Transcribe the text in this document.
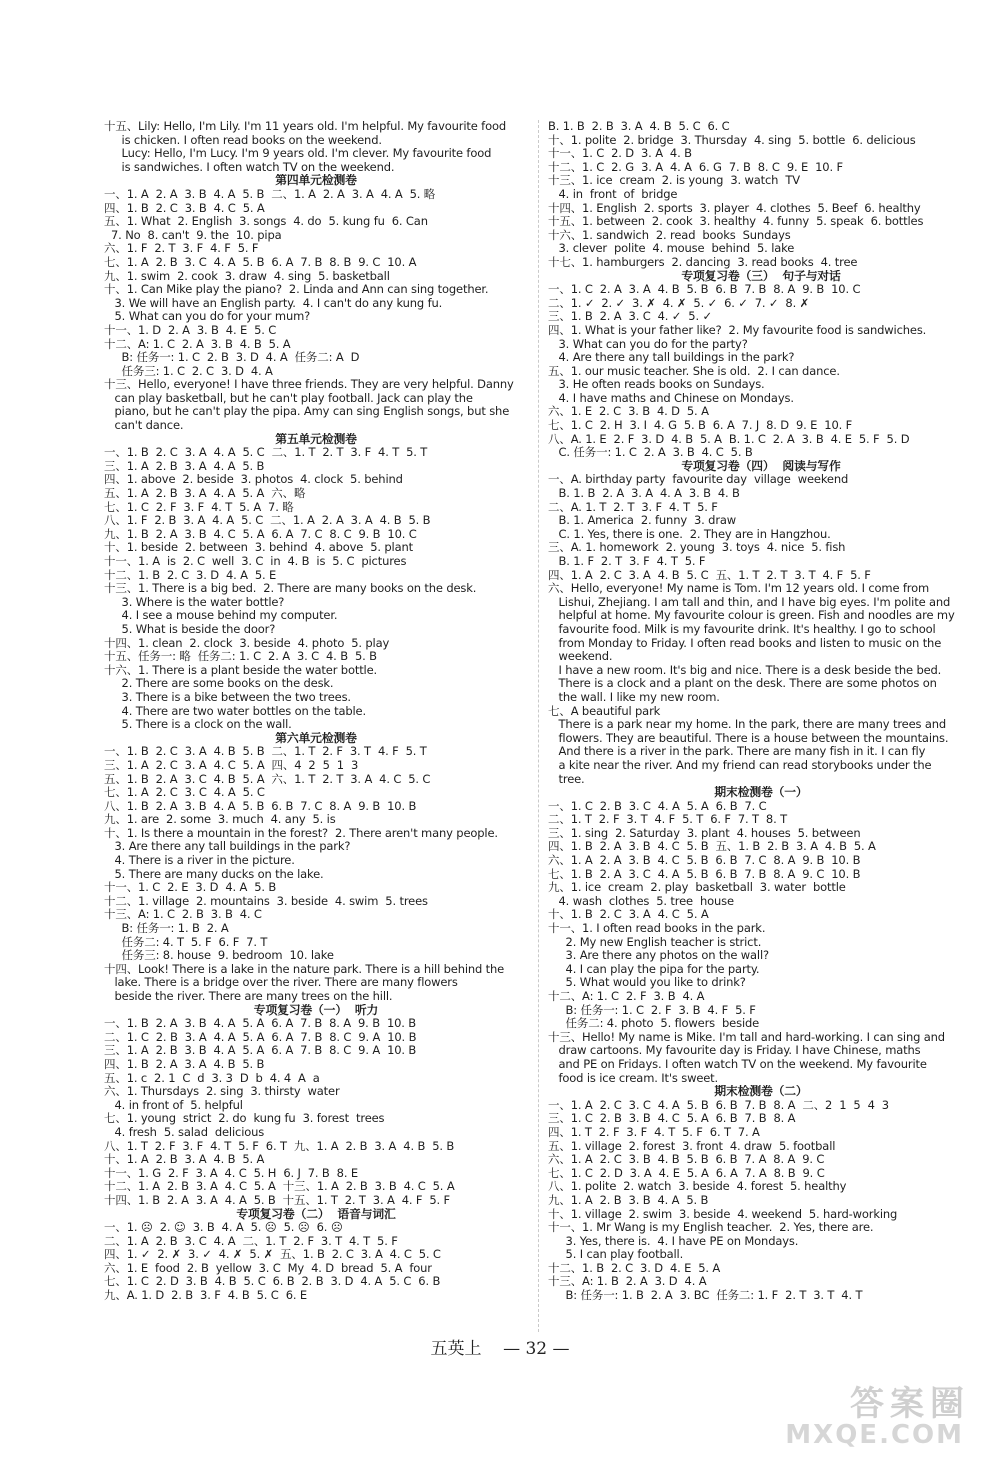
十五、Lily: Hello, I'm Lily. I'm 11 years old. I'm helpful. My favourite food
is chicken. I often read books on the weekend.
Lucy: Hello, I'm Lucy. I'm 9 years old. I'm clever. My favourite food
is sandwiches. I often watch TV on the weekend.
第四单元检测卷
一、1. A  2. A  3. B  4. A  5. B  二、1. A  2. A  3. A  4. A  5. 略
四、1. B  2. C  3. B  4. C  5. A
五、1. What  2. English  3. songs  4. do  5. kung fu  6. Can
7. No  8. can't  9. the  10. pipa
六、1. F  2. T  3. F  4. F  5. F
七、1. A  2. B  3. C  4. A  5. B  6. A  7. B  8. B  9. C  10. A
九、1. swim  2. cook  3. draw  4. sing  5. basketball
十、1. Can Mike play the piano?  2. Linda and Ann can sing together.
3. We will have an English party.  4. I can't do any kung fu.
5. What can you do for your mum?
十一、1. D  2. A  3. B  4. E  5. C
十二、A: 1. C  2. A  3. B  4. B  5. A
B: 任务一: 1. C  2. B  3. D  4. A  任务二: A  D
任务三: 1. C  2. C  3. D  4. A
十三、Hello, everyone! I have three friends. They are very helpful. Danny
can play basketball, but he can't play football. Jack can play the
piano, but he can't play the pipa. Amy can sing English songs, but she
can't dance.
第五单元检测卷
一、1. B  2. C  3. A  4. A  5. C  二、1. T  2. T  3. F  4. T  5. T
三、1. A  2. B  3. A  4. A  5. B
四、1. above  2. beside  3. photos  4. clock  5. behind
五、1. A  2. B  3. A  4. A  5. A  六、略
七、1. C  2. F  3. F  4. T  5. A  7. 略
八、1. F  2. B  3. A  4. A  5. C  二、1. A  2. A  3. A  4. B  5. B
九、1. B  2. A  3. B  4. C  5. A  6. A  7. C  8. C  9. B  10. C
十、1. beside  2. between  3. behind  4. above  5. plant
十一、1. A  is  2. C  well  3. C  in  4. B  is  5. C  pictures
十二、1. B  2. C  3. D  4. A  5. E
十三、1. There is a big bed.  2. There are many books on the desk.
3. Where is the water bottle?
4. I see a mouse behind my computer.
5. What is beside the door?
十四、1. clean  2. clock  3. beside  4. photo  5. play
十五、任务一: 略  任务二: 1. C  2. A  3. C  4. B  5. B
十六、1. There is a plant beside the water bottle.
2. There are some books on the desk.
3. There is a bike between the two trees.
4. There are two water bottles on the table.
5. There is a clock on the wall.
第六单元检测卷
一、1. B  2. C  3. A  4. B  5. B  二、1. T  2. F  3. T  4. F  5. T
三、1. A  2. C  3. A  4. C  5. A  四、4  2  5  1  3
五、1. B  2. A  3. C  4. B  5. A  六、1. T  2. T  3. A  4. C  5. C
七、1. A  2. C  3. C  4. A  5. C
八、1. B  2. A  3. B  4. A  5. B  6. B  7. C  8. A  9. B  10. B
九、1. are  2. some  3. much  4. any  5. is
十、1. Is there a mountain in the forest?  2. There aren't many people.
3. Are there any tall buildings in the park?
4. There is a river in the picture.
5. There are many ducks on the lake.
十一、1. C  2. E  3. D  4. A  5. B
十二、1. village  2. mountains  3. beside  4. swim  5. trees
十三、A: 1. C  2. B  3. B  4. C
B: 任务一: 1. B  2. A
任务二: 4. T  5. F  6. F  7. T
任务三: 8. house  9. bedroom  10. lake
十四、Look! There is a lake in the nature park. There is a hill behind the
lake. There is a bridge over the river. There are many flowers
beside the river. There are many trees on the hill.
专项复习卷（一）  听力
一、1. B  2. A  3. B  4. A  5. A  6. A  7. B  8. A  9. B  10. B
二、1. C  2. B  3. A  4. A  5. A  6. A  7. B  8. C  9. A  10. B
三、1. A  2. B  3. B  4. A  5. A  6. A  7. B  8. C  9. A  10. B
四、1. B  2. A  3. A  4. B  5. B
五、1. c  2. 1  C  d  3. 3  D  b  4. 4  A  a
六、1. Thursdays  2. sing  3. thirsty  water
4. in front of  5. helpful
七、1. young  strict  2. do  kung fu  3. forest  trees
4. fresh  5. salad  delicious
八、1. T  2. F  3. F  4. T  5. F  6. T  九、1. A  2. B  3. A  4. B  5. B
十、1. A  2. B  3. A  4. B  5. A
十一、1. G  2. F  3. A  4. C  5. H  6. J  7. B  8. E
十二、1. A  2. B  3. A  4. C  5. A  十三、1. A  2. B  3. B  4. C  5. A
十四、1. B  2. A  3. A  4. A  5. B  十五、1. T  2. T  3. A  4. F  5. F
专项复习卷（二）  语音与词汇
一、1. ☹  2. ☺  3. B  4. A  5. ☹  5. ☹  6. ☹
二、1. A  2. B  3. C  4. A  二、1. T  2. F  3. T  4. T  5. F
四、1. ✓  2. ✗  3. ✓  4. ✗  5. ✗  五、1. B  2. C  3. A  4. C  5. C
六、1. E  food  2. B  yellow  3. C  My  4. D  bread  5. A  four
七、1. C  2. D  3. B  4. B  5. C  6. B  2. B  3. D  4. A  5. C  6. B
九、A. 1. D  2. B  3. F  4. B  5. C  6. E
B. 1. B  2. B  3. A  4. B  5. C  6. C
十、1. polite  2. bridge  3. Thursday  4. sing  5. bottle  6. delicious
十一、1. C  2. D  3. A  4. B
十二、1. C  2. G  3. A  4. A  6. G  7. B  8. C  9. E  10. F
十三、1. ice  cream  2. is young  3. watch  TV
4. in  front  of  bridge
十四、1. English  2. sports  3. player  4. clothes  5. Beef  6. healthy
十五、1. between  2. cook  3. healthy  4. funny  5. speak  6. bottles
十六、1. sandwich  2. read  books  Sundays
3. clever  polite  4. mouse  behind  5. lake
十七、1. hamburgers  2. dancing  3. read books  4. tree
专项复习卷（三）  句子与对话
一、1. C  2. A  3. A  4. B  5. B  6. B  7. B  8. A  9. B  10. C
二、1. ✓  2. ✓  3. ✗  4. ✗  5. ✓  6. ✓  7. ✓  8. ✗
三、1. B  2. A  3. C  4. ✓  5. ✓
四、1. What is your father like?  2. My favourite food is sandwiches.
3. What can you do for the party?
4. Are there any tall buildings in the park?
五、1. our music teacher. She is old.  2. I can dance.
3. He often reads books on Sundays.
4. I have maths and Chinese on Mondays.
六、1. E  2. C  3. B  4. D  5. A
七、1. C  2. H  3. I  4. G  5. B  6. A  7. J  8. D  9. E  10. F
八、A. 1. E  2. F  3. D  4. B  5. A  B. 1. C  2. A  3. B  4. E  5. F  5. D
C. 任务一: 1. C  2. A  3. B  4. C  5. B
专项复习卷（四）  阅读与写作
一、A. birthday party  favourite day  village  weekend
B. 1. B  2. A  3. A  4. A  3. B  4. B
二、A. 1. T  2. T  3. F  4. T  5. F
B. 1. America  2. funny  3. draw
C. 1. Yes, there is one.  2. They are in Hangzhou.
三、A. 1. homework  2. young  3. toys  4. nice  5. fish
B. 1. F  2. T  3. F  4. T  5. F
四、1. A  2. C  3. A  4. B  5. C  五、1. T  2. T  3. T  4. F  5. F
六、Hello, everyone! My name is Tom. I'm 12 years old. I come from
Lishui, Zhejiang. I am tall and thin, and I have big eyes. I'm polite and
helpful at home. My favourite colour is green. Fish and noodles are my
favourite food. Milk is my favourite drink. It's healthy. I go to school
from Monday to Friday. I often read books and listen to music on the
weekend.
I have a new room. It's big and nice. There is a desk beside the bed.
There is a clock and a plant on the desk. There are some photos on
the wall. I like my new room.
七、A beautiful park
There is a park near my home. In the park, there are many trees and
flowers. They are beautiful. There is a house between the mountains.
And there is a river in the park. There are many fish in it. I can fly
a kite near the river. And my friend can read storybooks under the
tree.
期末检测卷（一）
一、1. C  2. B  3. C  4. A  5. A  6. B  7. C
二、1. T  2. F  3. T  4. F  5. T  6. F  7. T  8. T
三、1. sing  2. Saturday  3. plant  4. houses  5. between
四、1. B  2. A  3. B  4. C  5. B  五、1. B  2. B  3. A  4. B  5. A
六、1. A  2. A  3. B  4. C  5. B  6. B  7. C  8. A  9. B  10. B
七、1. B  2. A  3. C  4. A  5. B  6. B  7. B  8. A  9. C  10. B
九、1. ice  cream  2. play  basketball  3. water  bottle
4. wash  clothes  5. tree  house
十、1. B  2. C  3. A  4. C  5. A
十一、1. I often read books in the park.
2. My new English teacher is strict.
3. Are there any photos on the wall?
4. I can play the pipa for the party.
5. What would you like to drink?
十二、A: 1. C  2. F  3. B  4. A
B: 任务一: 1. C  2. F  3. B  4. F  5. F
任务二: 4. photo  5. flowers  beside
十三、Hello! My name is Mike. I'm tall and hard-working. I can sing and
draw cartoons. My favourite day is Friday. I have Chinese, maths
and PE on Fridays. I often watch TV on the weekend. My favourite
food is ice cream. It's sweet.
期末检测卷（二）
一、1. A  2. C  3. C  4. A  5. B  6. B  7. B  8. A  二、2  1  5  4  3
三、1. C  2. B  3. B  4. C  5. A  6. B  7. B  8. A
四、1. T  2. F  3. F  4. T  5. F  6. T  7. A
五、1. village  2. forest  3. front  4. draw  5. football
六、1. A  2. C  3. B  4. B  5. B  6. B  7. A  8. A  9. C
七、1. C  2. D  3. A  4. E  5. A  6. A  7. A  8. B  9. C
八、1. polite  2. watch  3. beside  4. forest  5. healthy
九、1. A  2. B  3. B  4. A  5. B
十、1. village  2. swim  3. beside  4. weekend  5. hard-working
十一、1. Mr Wang is my English teacher.  2. Yes, there are.
3. Yes, there is.  4. I have PE on Mondays.
5. I can play football.
十二、1. B  2. C  3. D  4. E  5. A
十三、A: 1. B  2. A  3. D  4. A
B: 任务一: 1. B  2. A  3. BC  任务二: 1. F  2. T  3. T  4. T
五英上 — 32 —
答案圈
MXQE.COM
